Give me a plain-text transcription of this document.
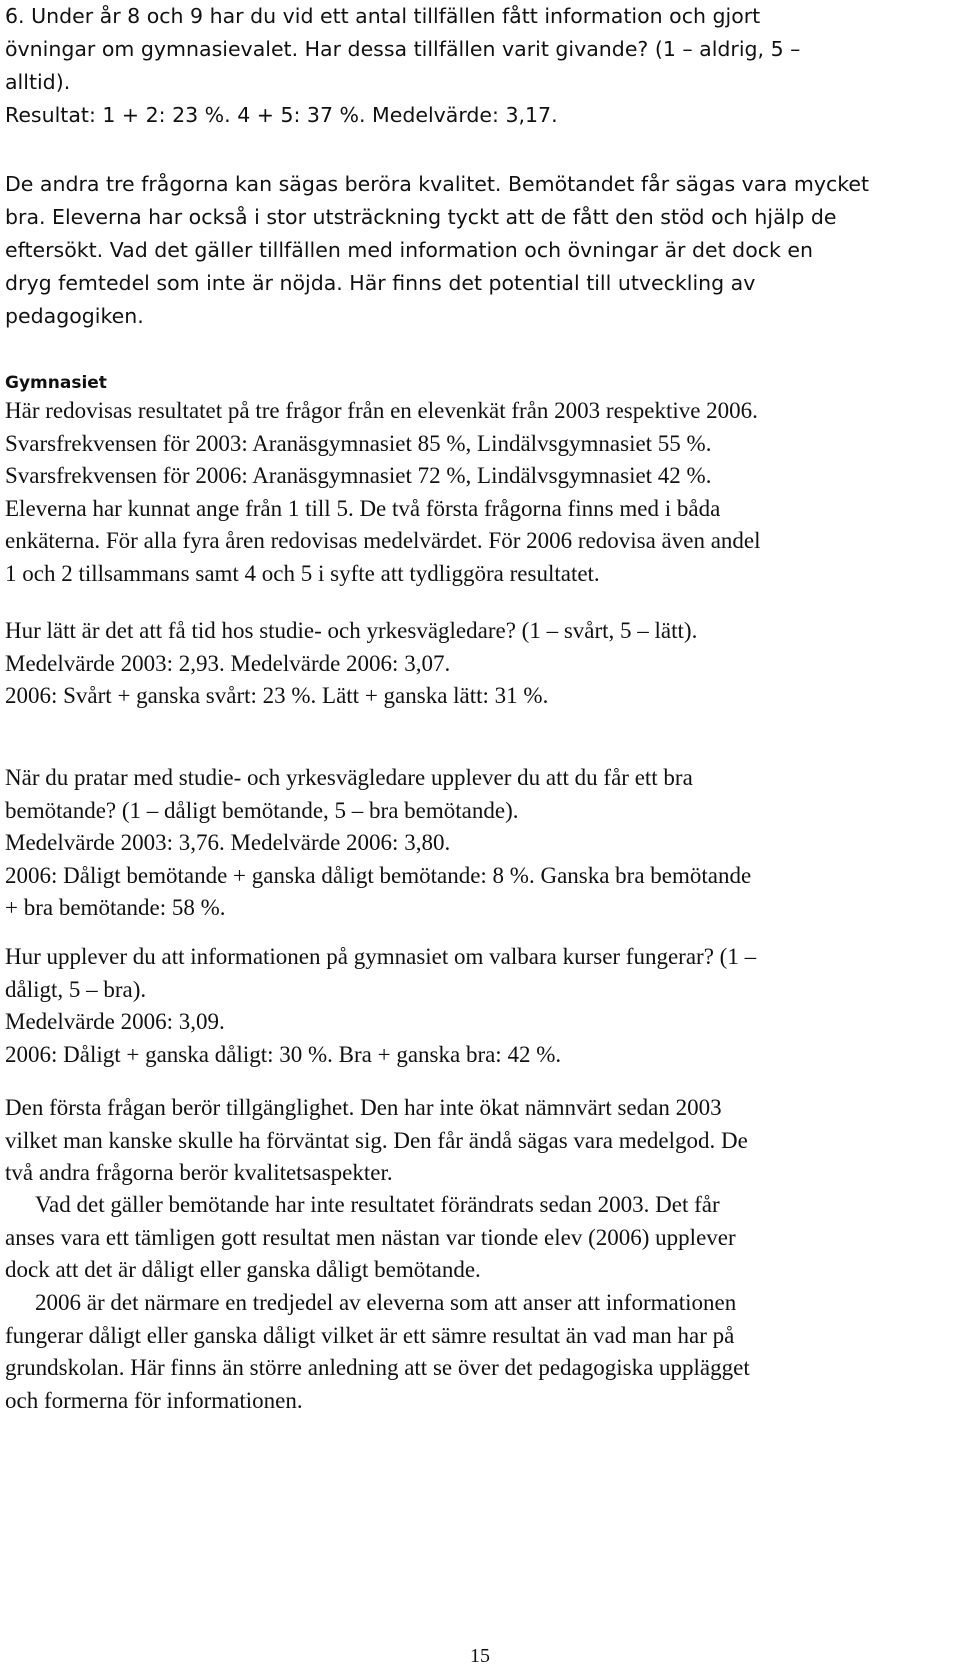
6. Under år 8 och 9 har du vid ett antal tillfällen fått information och gjort
övningar om gymnasievalet. Har dessa tillfällen varit givande? (1 – aldrig, 5 –
alltid).
Resultat: 1 + 2: 23 %. 4 + 5: 37 %. Medelvärde: 3,17.
De andra tre frågorna kan sägas beröra kvalitet. Bemötandet får sägas vara mycket
bra. Eleverna har också i stor utsträckning tyckt att de fått den stöd och hjälp de
eftersökt. Vad det gäller tillfällen med information och övningar är det dock en
dryg femtedel som inte är nöjda. Här finns det potential till utveckling av
pedagogiken.
Gymnasiet
Här redovisas resultatet på tre frågor från en elevenkät från 2003 respektive 2006.
Svarsfrekvensen för 2003: Aranäsgymnasiet 85 %, Lindälvsgymnasiet 55 %.
Svarsfrekvensen för 2006: Aranäsgymnasiet 72 %, Lindälvsgymnasiet 42 %.
Eleverna har kunnat ange från 1 till 5. De två första frågorna finns med i båda
enkäterna. För alla fyra åren redovisas medelvärdet. För 2006 redovisa även andel
1 och 2 tillsammans samt 4 och 5 i syfte att tydliggöra resultatet.
Hur lätt är det att få tid hos studie- och yrkesvägledare? (1 – svårt, 5 – lätt).
Medelvärde 2003: 2,93. Medelvärde 2006: 3,07.
2006: Svårt + ganska svårt: 23 %. Lätt + ganska lätt: 31 %.
När du pratar med studie- och yrkesvägledare upplever du att du får ett bra
bemötande? (1 – dåligt bemötande, 5 – bra bemötande).
Medelvärde 2003: 3,76. Medelvärde 2006: 3,80.
2006: Dåligt bemötande + ganska dåligt bemötande: 8 %. Ganska bra bemötande
+ bra bemötande: 58 %.
Hur upplever du att informationen på gymnasiet om valbara kurser fungerar? (1 –
dåligt, 5 – bra).
Medelvärde 2006: 3,09.
2006: Dåligt + ganska dåligt: 30 %. Bra + ganska bra: 42 %.
Den första frågan berör tillgänglighet. Den har inte ökat nämnvärt sedan 2003
vilket man kanske skulle ha förväntat sig. Den får ändå sägas vara medelgod. De
två andra frågorna berör kvalitetsaspekter.
Vad det gäller bemötande har inte resultatet förändrats sedan 2003. Det får
anses vara ett tämligen gott resultat men nästan var tionde elev (2006) upplever
dock att det är dåligt eller ganska dåligt bemötande.
2006 är det närmare en tredjedel av eleverna som att anser att informationen
fungerar dåligt eller ganska dåligt vilket är ett sämre resultat än vad man har på
grundskolan. Här finns än större anledning att se över det pedagogiska upplägget
och formerna för informationen.
15
